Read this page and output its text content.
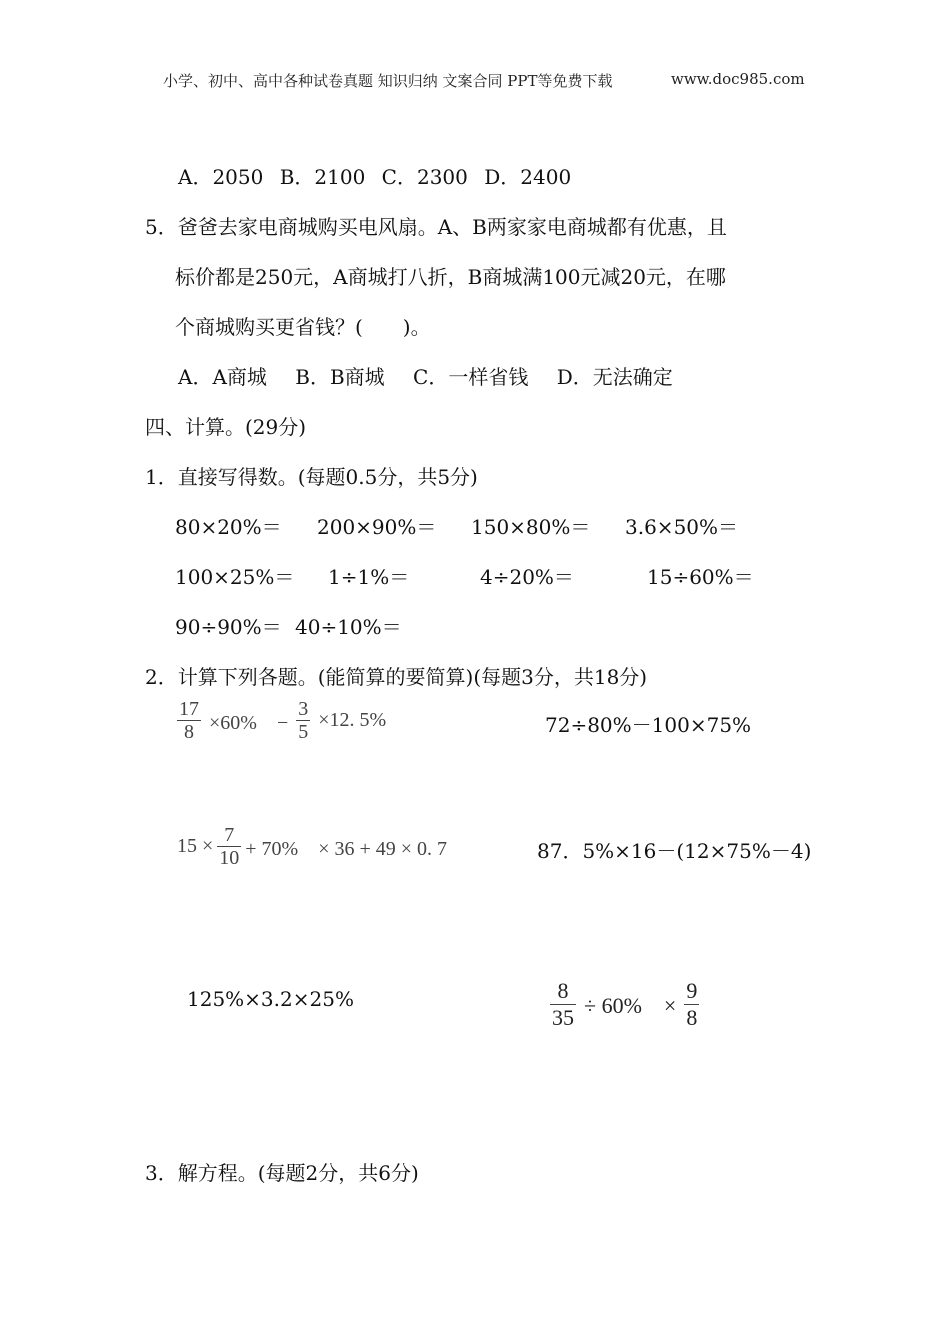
小学、初中、高中各种试卷真题 知识归纳 文案合同 PPT等免费下载	www.doc985.com
A．2050 B．2100 C．2300 D．2400
5．爸爸去家电商城购买电风扇。A、B两家家电商城都有优惠，且
标价都是250元，A商城打八折，B商城满100元减20元，在哪
个商城购买更省钱？(　　)。
A．A商城 B．B商城 C．一样省钱 D．无法确定
四、计算。(29分)
1．直接写得数。(每题0.5分，共5分)
80×20%＝ 200×90%＝ 150×80%＝ 3.6×50%＝
100×25%＝ 1÷1%＝	4÷20%＝	15÷60%＝
90÷90%＝ 40÷10%＝
2．计算下列各题。(能简算的要简算)(每题3分，共18分)
$\frac{17}{8} \times 60\%$　− $\frac{3}{5} \times 12$. 5%	72÷80%－100×75%
$15 \times \frac{7}{10} + 70\%$　× 36 + 49 × 0. 7	87．5%×16－(12×75%－4)
125%×3.2×25%	$\frac{8}{35} \div 60\%$　× $\frac{9}{8}$
3．解方程。(每题2分，共6分)
